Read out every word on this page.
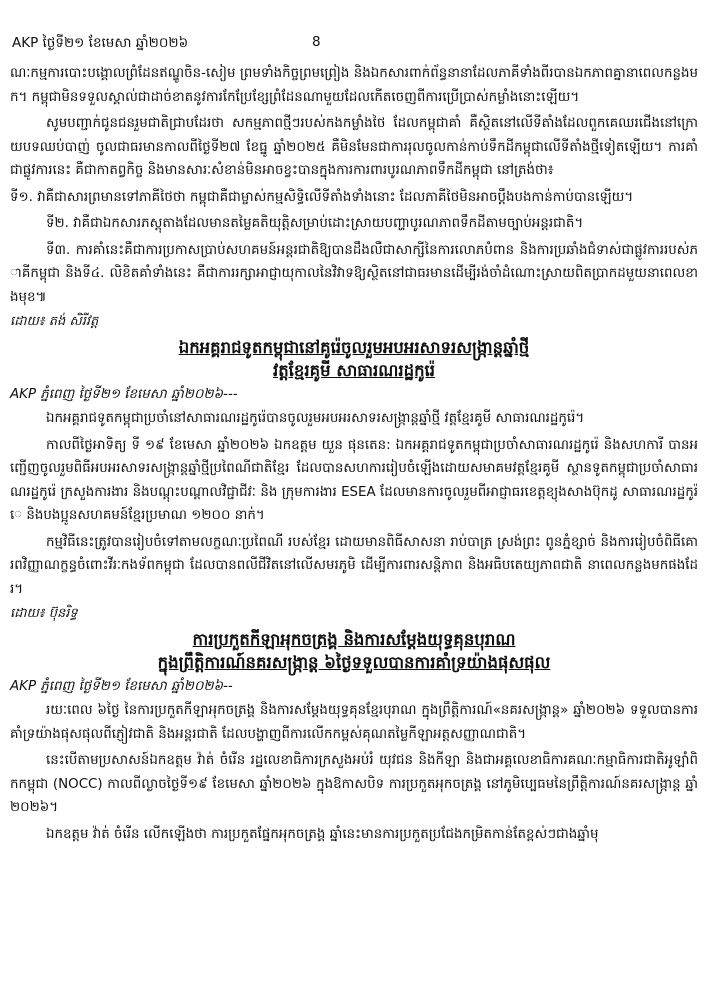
AKP ថ្ងៃទី២១ ខែមេសា ឆ្នាំ២០២៦	8

ណៈកម្មការបោះបង្គោលព្រំដែនឥណ្ឌូចិន-សៀម ព្រមទាំងកិច្ចព្រមព្រៀង និងឯកសារពាក់ព័ន្ធនានាដែលភាគីទាំងពីរបានឯកភាពគ្នានាពេលកន្លងមក។ កម្ពុជាមិនទទួលស្គាល់ជាដាច់ខាតនូវការកែប្រែខ្សែព្រំដែនណាមួយដែលកើតចេញពីការប្រើប្រាស់កម្លាំងនោះឡើយ។

សូមបញ្ជាក់ជូនជនរួមជាតិជ្រាបដែរថា សកម្មភាពថ្មីៗរបស់កងកម្លាំងថៃ ដែលកម្ពុជាគាំ គឺស្ថិតនៅលើទីតាំងដែលពួកគេឈរជើងនៅក្រោយបទឈប់បាញ់ ចូលជាធរមានកាលពីថ្ងៃទី២៧ ខែធ្នូ ឆ្នាំ២០២៥ គឺមិនមែនជាការរុលចូលកាន់កាប់ទឹកដីកម្ពុជាលើទីតាំងថ្មីទៀតឡើយ។ ការគាំជាផ្លូវការនេះ គឺជាកាតព្វកិច្ច និងមានសារៈសំខាន់មិនអាចខ្វះបានក្នុងការការពារបូរណភាពទឹកដីកម្ពុជា នៅត្រង់ថា៖

ទី១. វាគឺជាសារព្រមានទៅភាគីថៃថា កម្ពុជាគឺជាម្ចាស់កម្មសិទ្ធិលើទីតាំងទាំងនោះ ដែលភាគីថៃមិនអាចប្តឹងបងកាន់កាប់បានឡើយ។

ទី២. វាគឺជាឯកសារភស្តុតាងដែលមានតម្លៃគតិយុត្តិសម្រាប់ដោះស្រាយបញ្ហាបូរណភាពទឹកដីតាមច្បាប់អន្តរជាតិ។

ទី៣. ការគាំនេះគឺជាការប្រកាសប្រាប់សហគមន៍អន្តរជាតិឱ្យបានដឹងលឺជាសាក្សីនៃការលោភបំពាន និងការប្រឆាំងជំទាស់ជាផ្លូវការរបស់ភាគីកម្ពុជា និងទី៤. លិខិតគាំទាំងនេះ គឺជាការរក្សាអាជ្ញាយុកាលនៃវិវាទឱ្យស្ថិតនៅជាធរមានដើម្បីរង់ចាំដំណោះស្រាយពិតប្រាកដមួយនាពេលខាងមុខ៕

ដោយ៖ តង់ សិរីវត្ត

ឯកអគ្គរាជទូតកម្ពុជានៅគូរ៉េចូលរួមអបអរសាទរសង្ក្រាន្តឆ្នាំថ្មី

វត្តខ្មែរគូមី សាធារណរដ្ឋកូរ៉េ

AKP ភ្នំពេញ ថ្ងៃទី២១ ខែមេសា ឆ្នាំ២០២៦---

ឯកអគ្គរាជទូតកម្ពុជាប្រចាំនៅសាធារណរដ្ឋកូរ៉េបានចូលរួមអបអរសាទរសង្ក្រាន្តឆ្នាំថ្មី វត្តខ្មែរគូមី សាធារណរដ្ឋកូរ៉េ។

កាលពីថ្ងៃអាទិត្យ ទី ១៩ ខែមេសា ឆ្នាំ២០២៦ ឯកឧត្តម យួន ផុនតេន: ឯកអគ្គរាជទូតកម្ពុជាប្រចាំសាធារណរដ្ឋកូរ៉េ និងសហការី បានអញ្ជើញចូលរួមពិធីអបអរសាទរសង្ក្រាន្តឆ្នាំថ្មីប្រពៃណីជាតិខ្មែរ ដែលបានសហការរៀបចំឡើងដោយសមាគមវត្តខ្មែរគូមី ស្ថានទូតកម្ពុជាប្រចាំសាធារណរដ្ឋកូរ៉េ ក្រសួងការងារ និងបណ្តុះបណ្តាលវិជ្ជាជីវៈ និង ក្រុមការងារ ESEA ដែលមានការចូលរួមពីអាជ្ញាធរខេត្តខ្យុងសាងប៊ុកដូ សាធារណរដ្ឋកូរ៉េ និងបងប្អូនសហគមន៍ខ្មែរប្រមាណ ១២០០ នាក់។

កម្មវិធីនេះត្រូវបានរៀបចំទៅតាមលក្ខណៈប្រពៃណី របស់ខ្មែរ ដោយមានពិធីសាសនា រាប់បាត្រ ស្រង់ព្រះ ពូនភ្នំខ្សាច់ និងការរៀបចំពិធីគោរពវិញ្ញាណក្ខន្ធចំពោះវីរៈកងទ័ពកម្ពុជា ដែលបានពលីជីវិតនៅលើសមរភូមិ ដើម្បីការពារសន្តិភាព និងអធិបតេយ្យភាពជាតិ នាពេលកន្លងមកផងដែរ។

ដោយ៖ ប៊ុនរិទ្ធ

ការប្រកួតកីឡាអុកចត្រង្គ និងការសម្តែងយុទ្ធគុនបុរាណ

ក្នុងព្រឹត្តិការណ៍នគរសង្ក្រាន្ត ៦ថ្ងៃទទួលបានការគាំទ្រយ៉ាងផុសផុល

AKP ភ្នំពេញ ថ្ងៃទី២១ ខែមេសា ឆ្នាំ២០២៦--

រយៈពេល ៦ថ្ងៃ នៃការប្រកួតកីឡាអុកចត្រង្គ និងការសម្តែងយុទ្ធគុនខ្មែរបុរាណ ក្នុងព្រឹត្តិការណ៍«នគរសង្ក្រាន្ត» ឆ្នាំ២០២៦ ទទួលបានការគាំទ្រយ៉ាងផុសផុលពីភ្ញៀវជាតិ និងអន្តរជាតិ ដែលបង្ហាញពីការលើកកម្ពស់គុណតម្លៃកីឡាអត្តសញ្ញាណជាតិ។

នេះបើតាមប្រសាសន៍ឯកឧត្តម វ៉ាត់ ចំរើន រដ្ឋលេខាធិការក្រសួងអប់រំ យុវជន និងកីឡា និងជាអគ្គលេខាធិការគណៈកម្មាធិការជាតិអូឡាំពិកកម្ពុជា (NOCC) កាលពីល្ងាចថ្ងៃទី១៩ ខែមេសា ឆ្នាំ២០២៦ ក្នុងឱកាសបិទ ការប្រកួតអុកចត្រង្គ នៅភូមិប្បេធមនៃព្រឹត្តិការណ៍នគរសង្ក្រាន្ត ឆ្នាំ២០២៦។

ឯកឧត្តម វ៉ាត់ ចំរើន លើកឡើងថា ការប្រកួតផ្នែកអុកចត្រង្គ ឆ្នាំនេះមានការប្រកួតប្រជែងកម្រិតកាន់តែខ្ពស់ៗជាងឆ្នាំមុ
